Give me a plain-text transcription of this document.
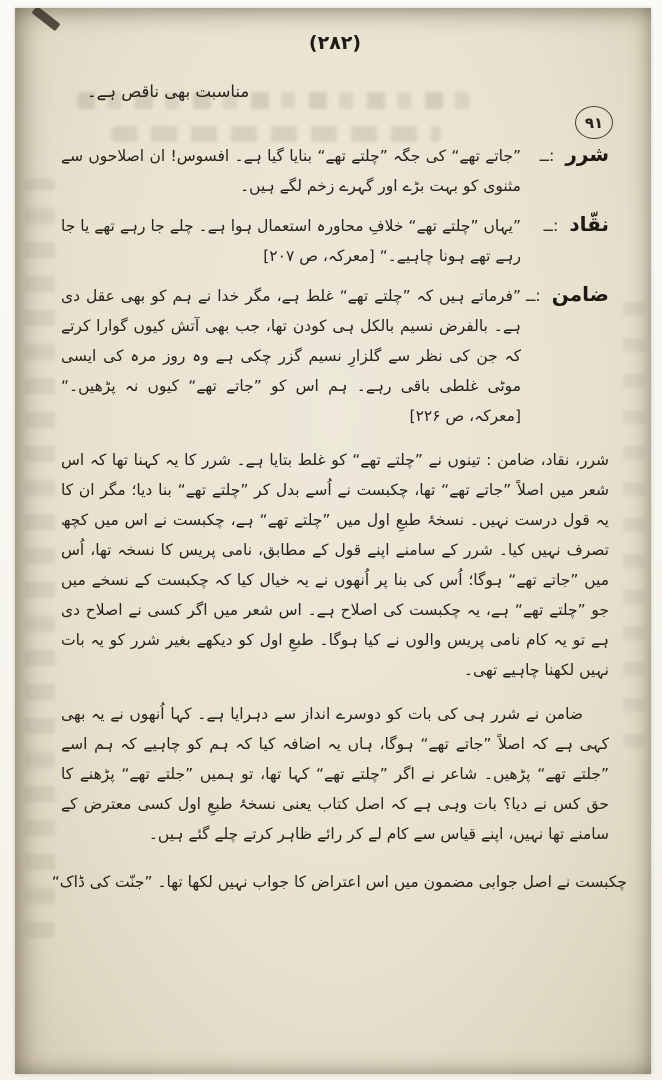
(۲۸۲)
مناسبت بھی ناقص ہے۔
۹۱
شرر :ــ
”جاتے تھے“ کی جگہ ”چلتے تھے“ بنایا گیا ہے۔ افسوس! ان اصلاحوں سے مثنوی کو بہت بڑے اور گہرے زخم لگے ہیں۔
نقّاد :ــ
”یہاں ”چلتے تھے“ خلافِ محاورہ استعمال ہوا ہے۔ چلے جا رہے تھے یا جا رہے تھے ہونا چاہیے۔“ [معرکہ، ص ۲۰۷]
ضامن :ــ
”فرماتے ہیں کہ ”چلتے تھے“ غلط ہے، مگر خدا نے ہم کو بھی عقل دی ہے۔ بالفرض نسیم بالکل ہی کودن تھا، جب بھی آتش کیوں گوارا کرتے کہ جن کی نظر سے گلزارِ نسیم گزر چکی ہے وہ روز مرہ کی ایسی موٹی غلطی باقی رہے۔ ہم اس کو ”جاتے تھے“ کیوں نہ پڑھیں۔“ [معرکہ، ص ۲۲۶]

شرر، نقاد، ضامن : تینوں نے ”چلتے تھے“ کو غلط بتایا ہے۔ شرر کا یہ کہنا تھا کہ اس شعر میں اصلاً ”جاتے تھے“ تھا، چکبست نے اُسے بدل کر ”چلتے تھے“ بنا دیا؛ مگر ان کا یہ قول درست نہیں۔ نسخۂ طبعِ اول میں ”چلتے تھے“ ہے، چکبست نے اس میں کچھ تصرف نہیں کیا۔ شرر کے سامنے اپنے قول کے مطابق، نامی پریس کا نسخہ تھا، اُس میں ”جاتے تھے“ ہوگا؛ اُس کی بنا پر اُنھوں نے یہ خیال کیا کہ چکبست کے نسخے میں جو ”چلتے تھے“ ہے، یہ چکبست کی اصلاح ہے۔ اس شعر میں اگر کسی نے اصلاح دی ہے تو یہ کام نامی پریس والوں نے کیا ہوگا۔ طبعِ اول کو دیکھے بغیر شرر کو یہ بات نہیں لکھنا چاہیے تھی۔

ضامن نے شرر ہی کی بات کو دوسرے انداز سے دہرایا ہے۔ کہا اُنھوں نے یہ بھی کہی ہے کہ اصلاً ”جاتے تھے“ ہوگا، ہاں یہ اضافہ کیا کہ ہم کو چاہیے کہ ہم اسے ”جلتے تھے“ پڑھیں۔ شاعر نے اگر ”چلتے تھے“ کہا تھا، تو ہمیں ”جلتے تھے“ پڑھنے کا حق کس نے دیا؟ بات وہی ہے کہ اصل کتاب یعنی نسخۂ طبعِ اول کسی معترض کے سامنے تھا نہیں، اپنے قیاس سے کام لے کر رائے ظاہر کرتے چلے گئے ہیں۔

چکبست نے اصل جوابی مضمون میں اس اعتراض کا جواب نہیں لکھا تھا۔ ”جنّت کی ڈاک“
